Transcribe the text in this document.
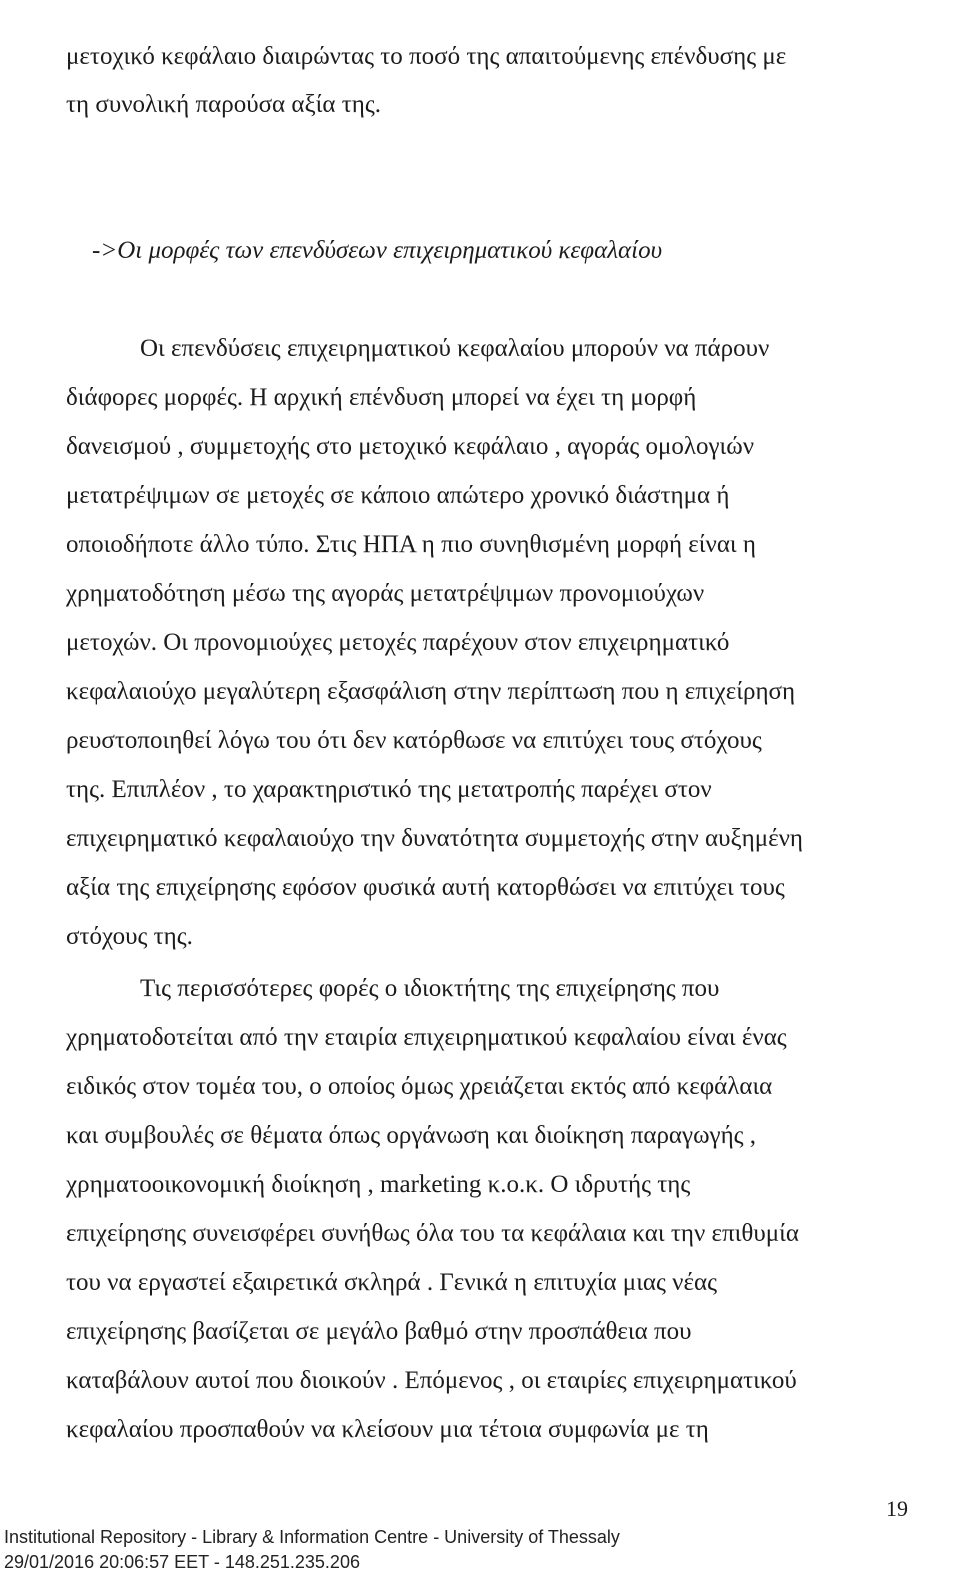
μετοχικό κεφάλαιο διαιρώντας το ποσό της απαιτούμενης επένδυσης με

τη συνολική παρούσα αξία της.

->Οι μορφές των επενδύσεων επιχειρηματικού κεφαλαίου

Οι επενδύσεις επιχειρηματικού κεφαλαίου μπορούν να πάρουν

διάφορες μορφές. Η αρχική επένδυση μπορεί να έχει τη μορφή

δανεισμού , συμμετοχής στο μετοχικό κεφάλαιο , αγοράς ομολογιών

μετατρέψιμων σε μετοχές σε κάποιο απώτερο χρονικό διάστημα ή

οποιοδήποτε άλλο τύπο. Στις ΗΠΑ η πιο συνηθισμένη μορφή είναι η

χρηματοδότηση μέσω της αγοράς μετατρέψιμων προνομιούχων

μετοχών. Οι προνομιούχες μετοχές παρέχουν στον επιχειρηματικό

κεφαλαιούχο μεγαλύτερη εξασφάλιση στην περίπτωση που η επιχείρηση

ρευστοποιηθεί λόγω του ότι δεν κατόρθωσε να επιτύχει τους στόχους

της. Επιπλέον , το χαρακτηριστικό της μετατροπής παρέχει στον

επιχειρηματικό κεφαλαιούχο την δυνατότητα συμμετοχής στην αυξημένη

αξία της επιχείρησης εφόσον φυσικά αυτή κατορθώσει να επιτύχει τους

στόχους της.

Τις περισσότερες φορές ο ιδιοκτήτης της επιχείρησης που

χρηματοδοτείται από την εταιρία επιχειρηματικού κεφαλαίου είναι ένας

ειδικός στον τομέα του, ο οποίος όμως χρειάζεται εκτός από κεφάλαια

και συμβουλές σε θέματα όπως οργάνωση και διοίκηση παραγωγής ,

χρηματοοικονομική διοίκηση , marketing κ.ο.κ. Ο ιδρυτής της

επιχείρησης συνεισφέρει συνήθως όλα του τα κεφάλαια και την επιθυμία

του να εργαστεί εξαιρετικά σκληρά . Γενικά η επιτυχία μιας νέας

επιχείρησης βασίζεται σε μεγάλο βαθμό στην προσπάθεια που

καταβάλουν αυτοί που διοικούν . Επόμενος , οι εταιρίες επιχειρηματικού

κεφαλαίου προσπαθούν να κλείσουν μια τέτοια συμφωνία με τη

19

Institutional Repository - Library & Information Centre - University of Thessaly

29/01/2016 20:06:57 EET - 148.251.235.206
